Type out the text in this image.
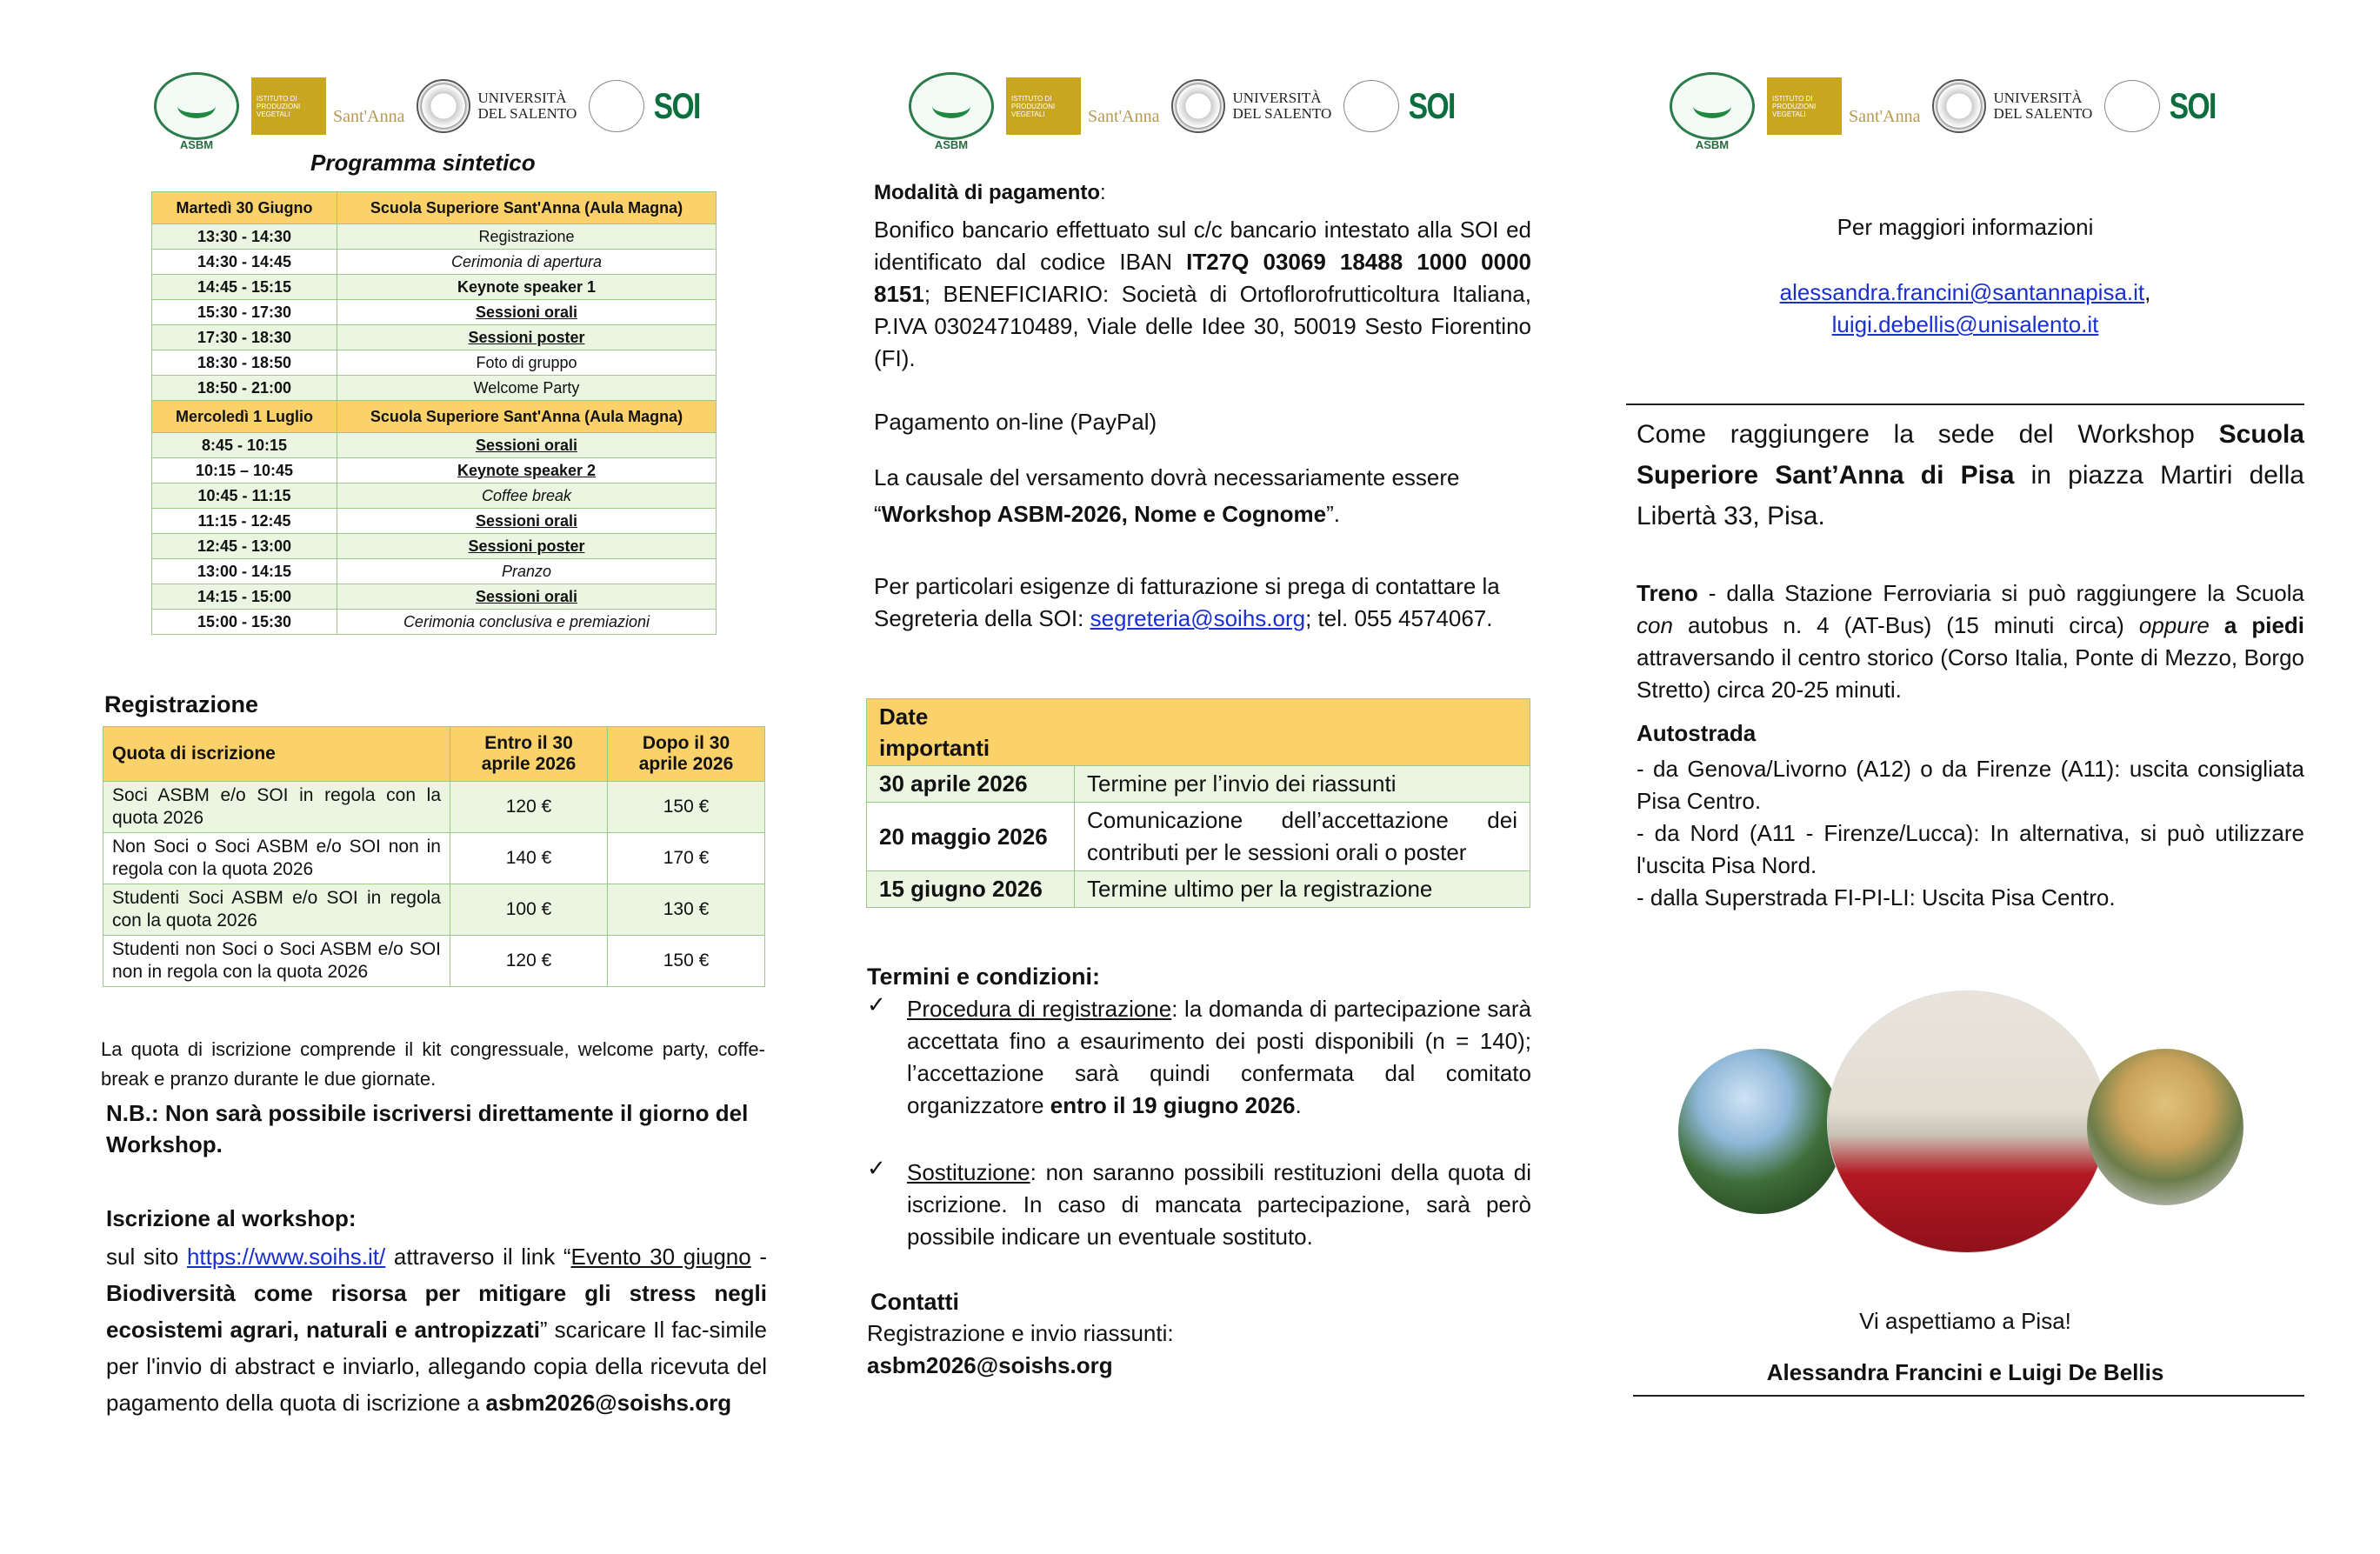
ASBM
ISTITUTO DI PRODUZIONI VEGETALI	Sant'Anna
UNIVERSITÀ
DEL SALENTO SOI
Programma sintetico
Martedì 30 Giugno	Scuola Superiore Sant'Anna (Aula Magna)
13:30 - 14:30	Registrazione
14:30 - 14:45	Cerimonia di apertura
14:45 - 15:15	Keynote speaker 1
15:30 - 17:30	Sessioni orali
17:30 - 18:30	Sessioni poster
18:30 - 18:50	Foto di gruppo
18:50 - 21:00	Welcome Party
Mercoledì 1 Luglio	Scuola Superiore Sant'Anna (Aula Magna)
8:45 - 10:15	Sessioni orali
10:15 – 10:45	Keynote speaker 2
10:45 - 11:15	Coffee break
11:15 - 12:45	Sessioni orali
12:45 - 13:00	Sessioni poster
13:00 - 14:15	Pranzo
14:15 - 15:00	Sessioni orali
15:00 - 15:30	Cerimonia conclusiva e premiazioni
Registrazione
Quota di iscrizione	Entro il 30 aprile 2026	Dopo il 30 aprile 2026
Soci ASBM e/o SOI in regola con la quota 2026	120 €	150 €
Non Soci o Soci ASBM e/o SOI non in regola con la quota 2026	140 €	170 €
Studenti Soci ASBM e/o SOI in regola con la quota 2026	100 €	130 €
Studenti non Soci o Soci ASBM e/o SOI non in regola con la quota 2026	120 €	150 €
La quota di iscrizione comprende il kit congressuale, welcome party, coffe-break e pranzo durante le due giornate.
N.B.: Non sarà possibile iscriversi direttamente il giorno del Workshop.
Iscrizione al workshop:
sul sito https://www.soihs.it/ attraverso il link “Evento 30 giugno - Biodiversità come risorsa per mitigare gli stress negli ecosistemi agrari, naturali e antropizzati” scaricare Il fac-simile per l'invio di abstract e inviarlo, allegando copia della ricevuta del pagamento della quota di iscrizione a asbm2026@soishs.org
ASBM
ISTITUTO DI PRODUZIONI VEGETALI	Sant'Anna
UNIVERSITÀ
DEL SALENTO SOI
Modalità di pagamento:
Bonifico bancario effettuato sul c/c bancario intestato alla SOI ed identificato dal codice IBAN IT27Q 03069 18488 1000 0000 8151; BENEFICIARIO: Società di Ortoflorofrutticoltura Italiana, P.IVA 03024710489, Viale delle Idee 30, 50019 Sesto Fiorentino (FI).
Pagamento on-line (PayPal)
La causale del versamento dovrà necessariamente essere “Workshop ASBM-2026, Nome e Cognome”.
Per particolari esigenze di fatturazione si prega di contattare la Segreteria della SOI: segreteria@soihs.org; tel. 055 4574067.
Date importanti	

30 aprile 2026	Termine per l’invio dei riassunti
20 maggio 2026	Comunicazione dell’accettazione dei contributi per le sessioni orali o poster
15 giugno 2026	Termine ultimo per la registrazione
Termini e condizioni:
✓ Procedura di registrazione: la domanda di partecipazione sarà accettata fino a esaurimento dei posti disponibili (n = 140); l’accettazione sarà quindi confermata dal comitato organizzatore entro il 19 giugno 2026.
✓ Sostituzione: non saranno possibili restituzioni della quota di iscrizione. In caso di mancata partecipazione, sarà però possibile indicare un eventuale sostituto.
Contatti
Registrazione e invio riassunti:
asbm2026@soishs.org
ASBM
ISTITUTO DI PRODUZIONI VEGETALI	Sant'Anna
UNIVERSITÀ
DEL SALENTO SOI
Per maggiori informazioni
alessandra.francini@santannapisa.it,
luigi.debellis@unisalento.it
Come raggiungere la sede del Workshop Scuola Superiore Sant’Anna di Pisa in piazza Martiri della Libertà 33, Pisa.
Treno - dalla Stazione Ferroviaria si può raggiungere la Scuola con autobus n. 4 (AT-Bus) (15 minuti circa) oppure a piedi attraversando il centro storico (Corso Italia, Ponte di Mezzo, Borgo Stretto) circa 20-25 minuti.
Autostrada
- da Genova/Livorno (A12) o da Firenze (A11): uscita consigliata Pisa Centro.
- da Nord (A11 - Firenze/Lucca): In alternativa, si può utilizzare l'uscita Pisa Nord.
- dalla Superstrada FI-PI-LI: Uscita Pisa Centro.
Vi aspettiamo a Pisa!
Alessandra Francini e Luigi De Bellis
